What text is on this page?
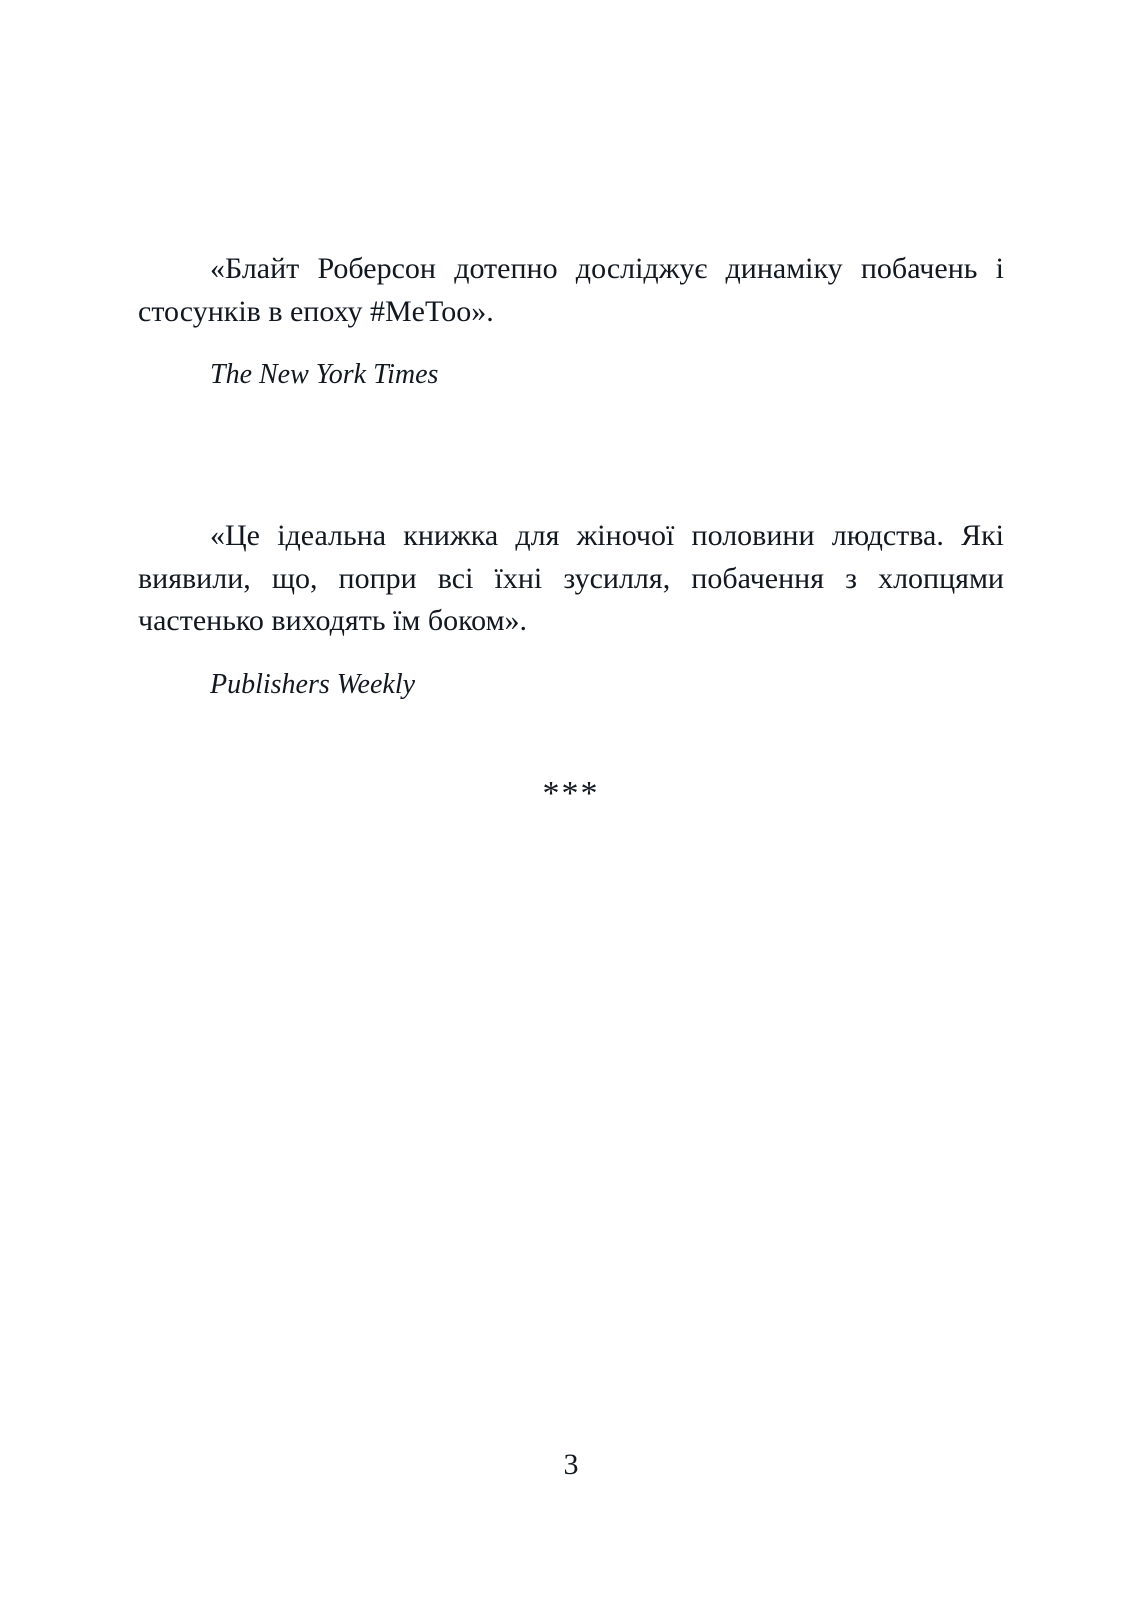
«Блайт Роберсон дотепно досліджує динаміку побачень і стосунків в епоху #MeToo».

The New York Times

«Це ідеальна книжка для жіночої половини людства. Які виявили, що, попри всі їхні зусилля, побачення з хлопцями частенько виходять їм боком».

Publishers Weekly

***
3
